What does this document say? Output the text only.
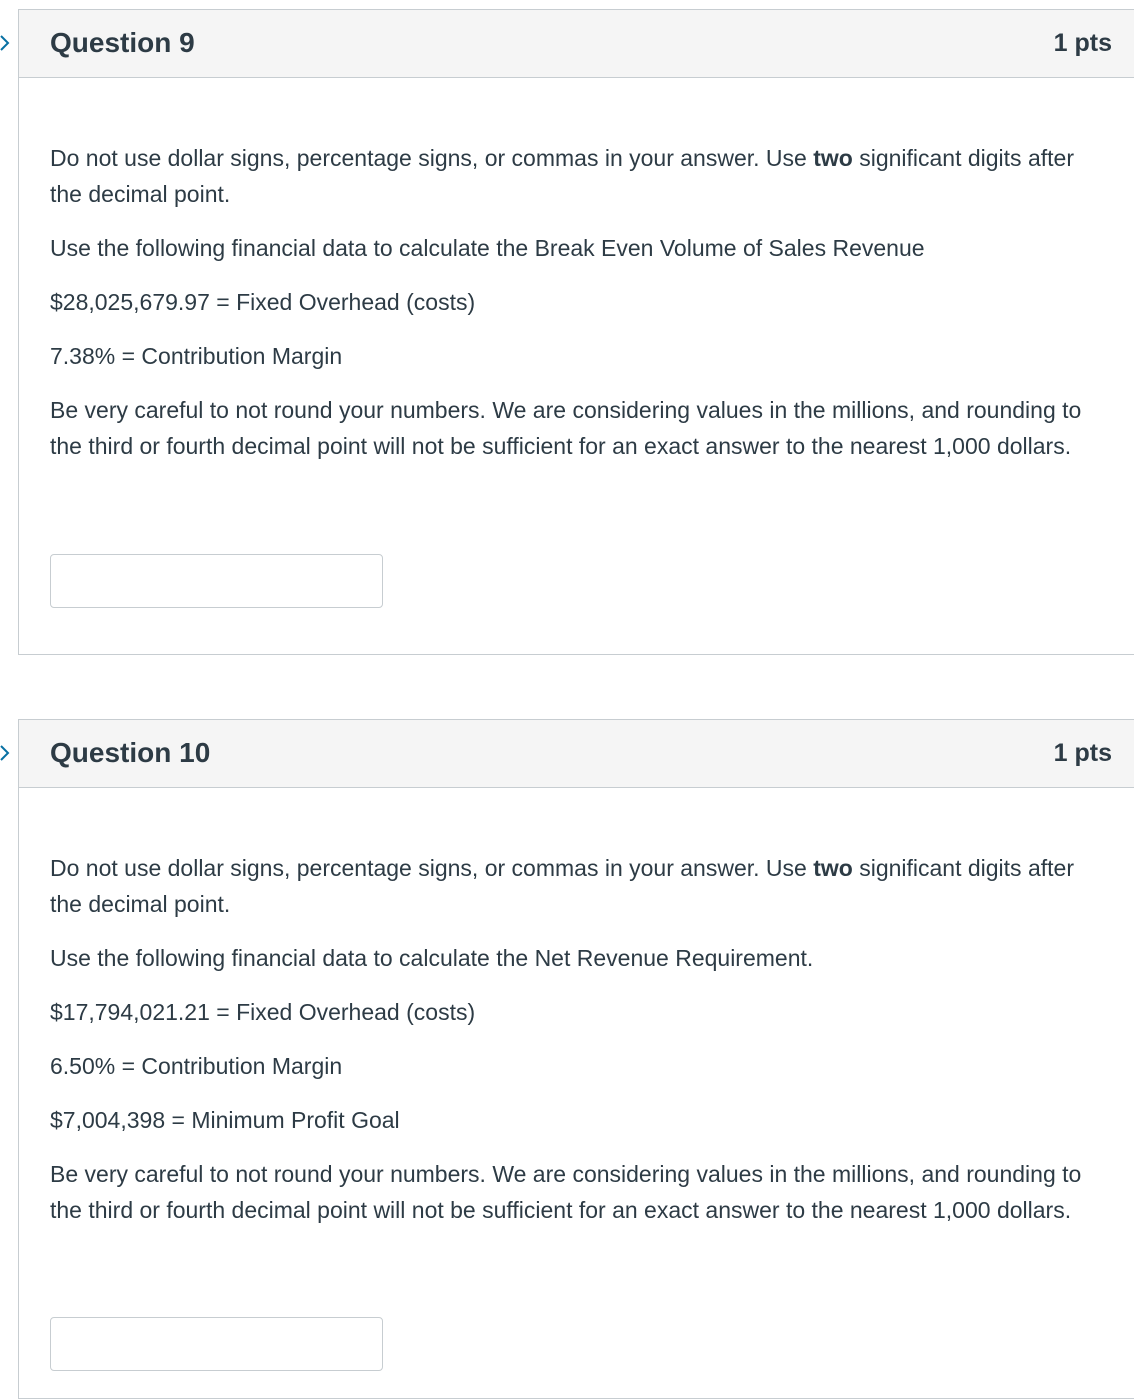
Question 9	1 pts

Do not use dollar signs, percentage signs, or commas in your answer. Use two significant digits after the decimal point.

Use the following financial data to calculate the Break Even Volume of Sales Revenue

$28,025,679.97 = Fixed Overhead (costs)

7.38% = Contribution Margin

Be very careful to not round your numbers. We are considering values in the millions, and rounding to the third or fourth decimal point will not be sufficient for an exact answer to the nearest 1,000 dollars.

Question 10	1 pts

Do not use dollar signs, percentage signs, or commas in your answer. Use two significant digits after the decimal point.

Use the following financial data to calculate the Net Revenue Requirement.

$17,794,021.21 = Fixed Overhead (costs)

6.50% = Contribution Margin

$7,004,398 = Minimum Profit Goal

Be very careful to not round your numbers. We are considering values in the millions, and rounding to the third or fourth decimal point will not be sufficient for an exact answer to the nearest 1,000 dollars.
